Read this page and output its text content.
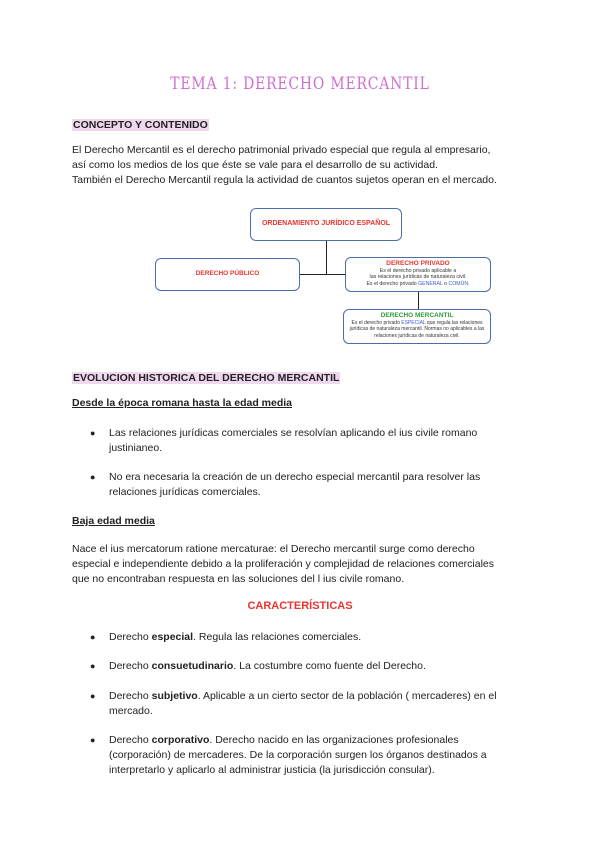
TEMA 1: DERECHO MERCANTIL
CONCEPTO Y CONTENIDO
El Derecho Mercantil es el derecho patrimonial privado especial que regula al empresario,
así como los medios de los que éste se vale para el desarrollo de su actividad.
También el Derecho Mercantil regula la actividad de cuantos sujetos operan en el mercado.
ORDENAMIENTO JURÍDICO ESPAÑOL
DERECHO PÚBLICO
DERECHO PRIVADO
Es el derecho privado aplicable a
las relaciones jurídicas de naturaleza civil.
Es el derecho privado GENERAL o COMÚN.
DERECHO MERCANTIL
Es el derecho privado ESPECIAL que regula las relaciones
jurídicas de naturaleza mercantil. Normas no aplicables a las
relaciones jurídicas de naturaleza civil.
EVOLUCION HISTORICA DEL DERECHO MERCANTIL
Desde la época romana hasta la edad media
● Las relaciones jurídicas comerciales se resolvían aplicando el ius civile romano
justinianeo.
● No era necesaria la creación de un derecho especial mercantil para resolver las
relaciones jurídicas comerciales.
Baja edad media
Nace el ius mercatorum ratione mercaturae: el Derecho mercantil surge como derecho
especial e independiente debido a la proliferación y complejidad de relaciones comerciales
que no encontraban respuesta en las soluciones del l ius civile romano.
CARACTERÍSTICAS
● Derecho especial. Regula las relaciones comerciales.
● Derecho consuetudinario. La costumbre como fuente del Derecho.
● Derecho subjetivo. Aplicable a un cierto sector de la población ( mercaderes) en el
mercado.
● Derecho corporativo. Derecho nacido en las organizaciones profesionales
(corporación) de mercaderes. De la corporación surgen los órganos destinados a
interpretarlo y aplicarlo al administrar justicia (la jurisdicción consular).
